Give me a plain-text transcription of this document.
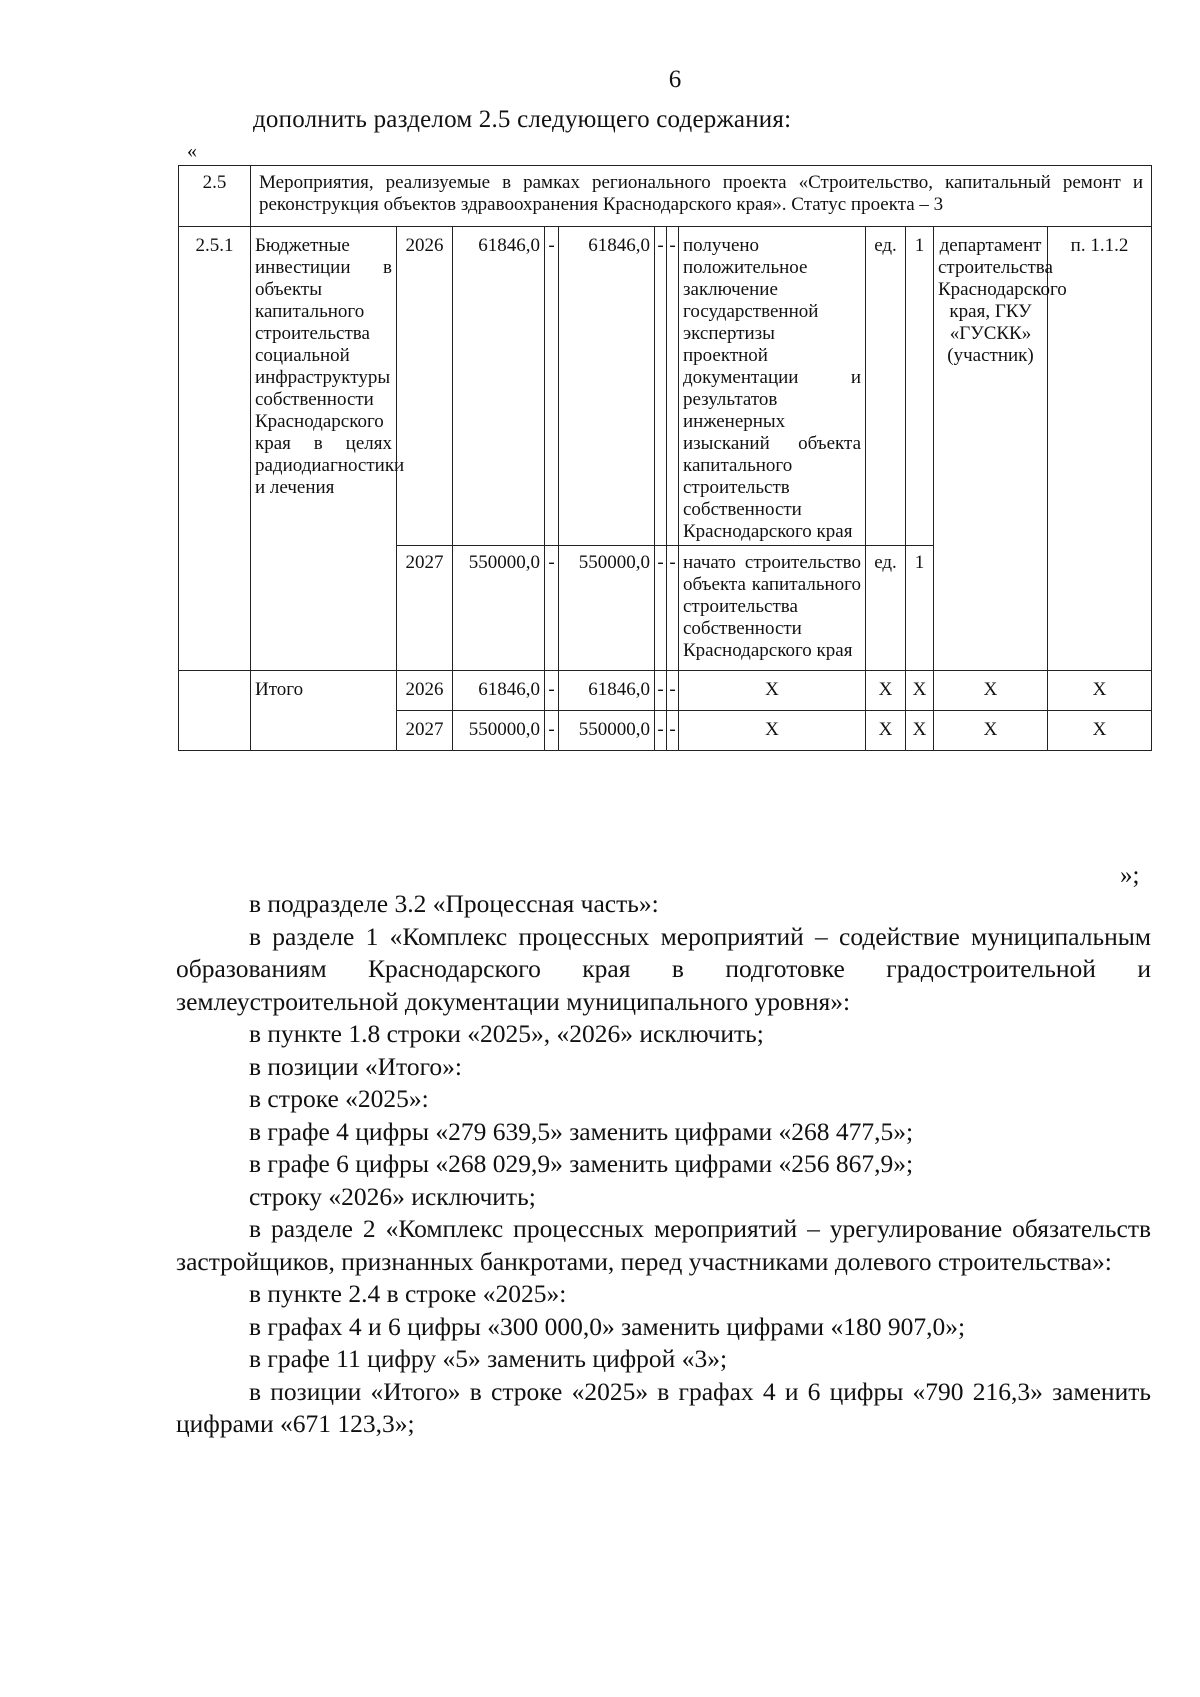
6
дополнить разделом 2.5 следующего содержания:
«
2.5	Мероприятия, реализуемые в рамках регионального проекта «Строительство, капитальный ремонт и реконструкция объектов здравоохранения Краснодарского края». Статус проекта – 3											
2.5.1	Бюджетные инвестиции в объекты капитального строительства социальной инфраструктуры собственности Краснодарского края в целях радиодиагностики и лечения	2026	61846,0	-	61846,0	-	-	получено положительное заключение государственной экспертизы проектной документации и результатов инженерных изысканий объекта капитального строительств собственности Краснодарского края	ед.	1	департамент строительства Краснодарского края, ГКУ «ГУСКК» (участник)	п. 1.1.2
		2027	550000,0	-	550000,0	-	-	начато строительство объекта капитального строительства собственности Краснодарского края	ед.	1		
	Итого	2026	61846,0	-	61846,0	-	-	X	X	X	X	X
		2027	550000,0	-	550000,0	-	-	X	X	X	X	X
»;

в подразделе 3.2 «Процессная часть»:

в разделе 1 «Комплекс процессных мероприятий – содействие муниципальным образованиям Краснодарского края в подготовке градостроительной и землеустроительной документации муниципального уровня»:

в пункте 1.8 строки «2025», «2026» исключить;

в позиции «Итого»:

в строке «2025»:

в графе 4 цифры «279 639,5» заменить цифрами «268 477,5»;

в графе 6 цифры «268 029,9» заменить цифрами «256 867,9»;

строку «2026» исключить;

в разделе 2 «Комплекс процессных мероприятий – урегулирование обязательств застройщиков, признанных банкротами, перед участниками долевого строительства»:

в пункте 2.4 в строке «2025»:

в графах 4 и 6 цифры «300 000,0» заменить цифрами «180 907,0»;

в графе 11 цифру «5» заменить цифрой «3»;

в позиции «Итого» в строке «2025» в графах 4 и 6 цифры «790 216,3» заменить цифрами «671 123,3»;
